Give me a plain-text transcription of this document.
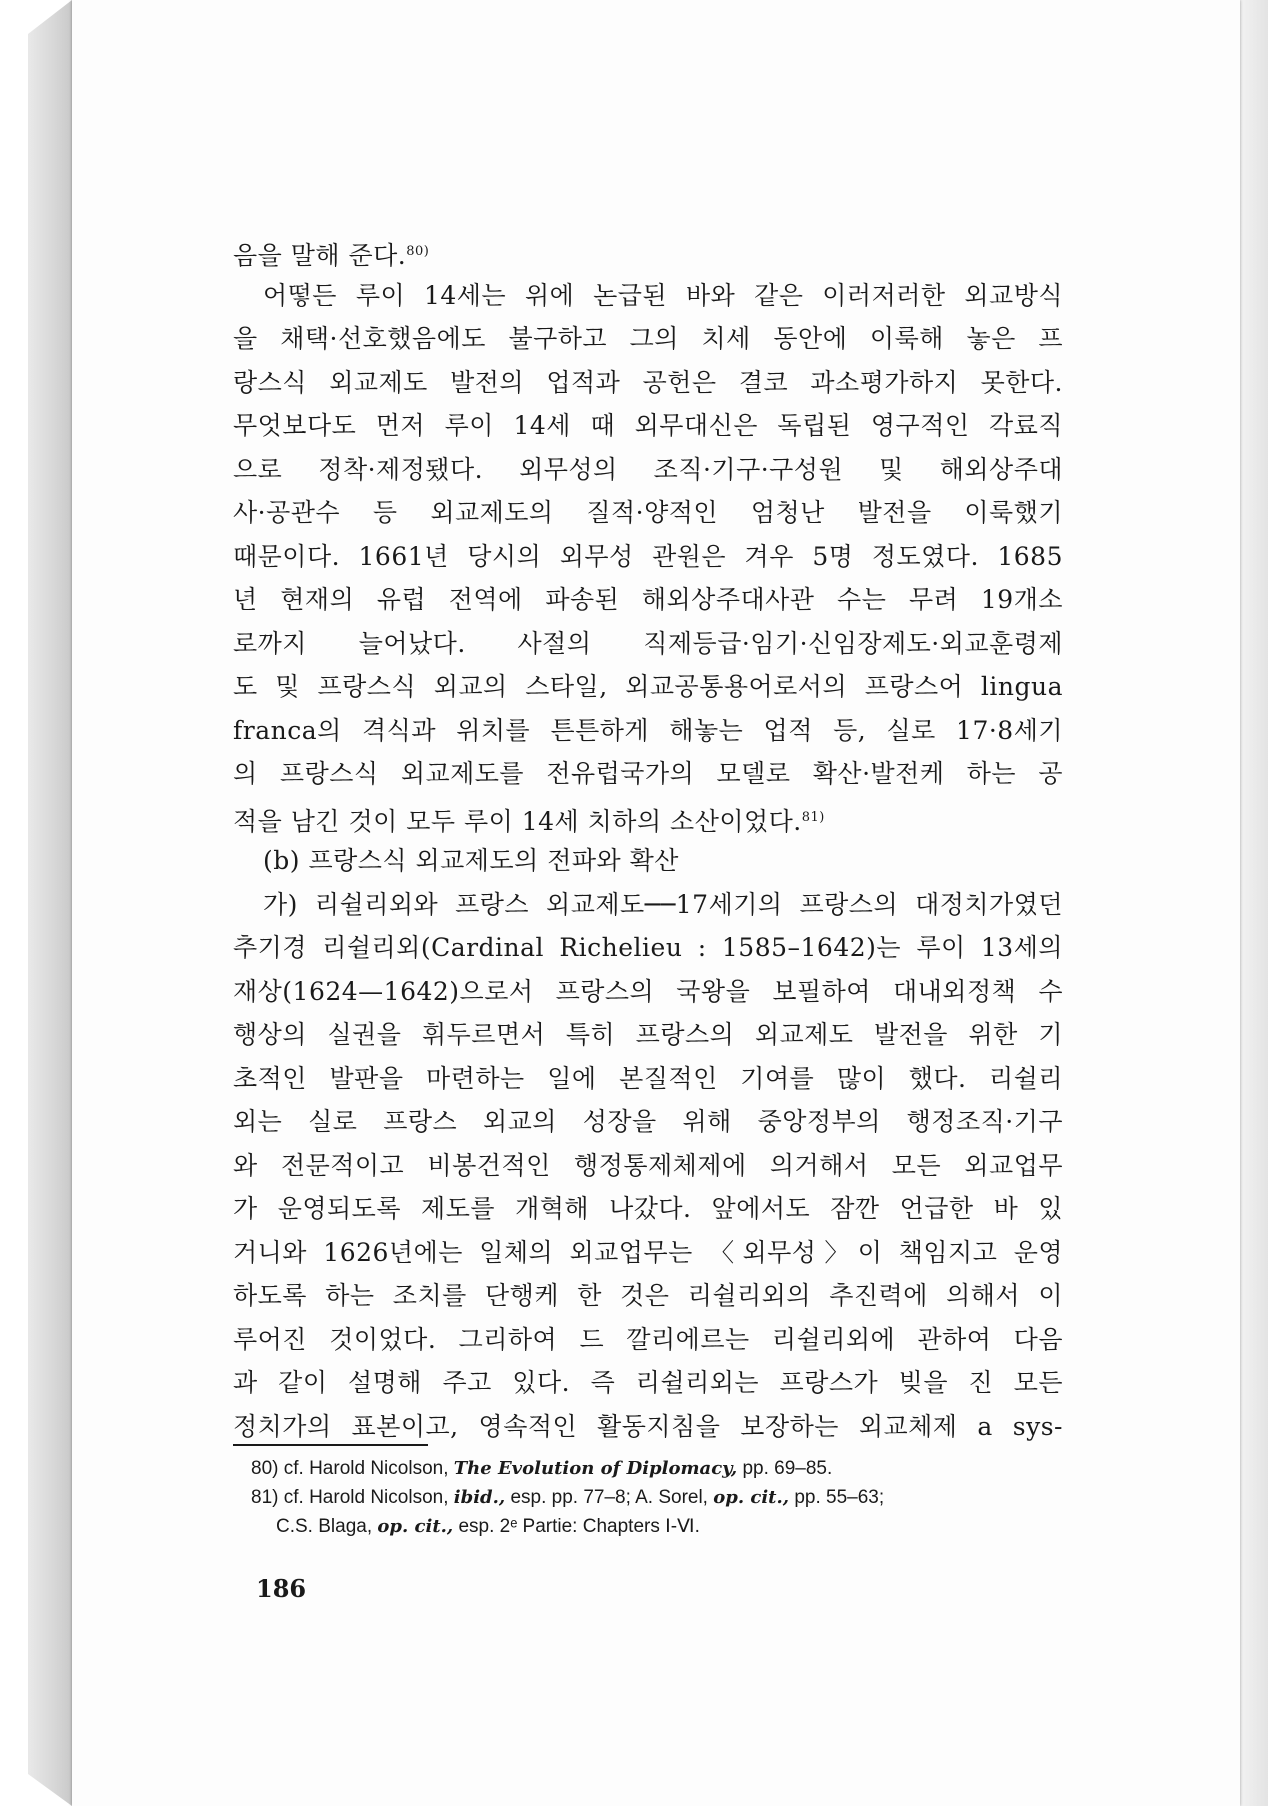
음을 말해 준다.$^{80)}$
어떻든 루이 14세는 위에 논급된 바와 같은 이러저러한 외교방식
을 채택·선호했음에도 불구하고 그의 치세 동안에 이룩해 놓은 프
랑스식 외교제도 발전의 업적과 공헌은 결코 과소평가하지 못한다.
무엇보다도 먼저 루이 14세 때 외무대신은 독립된 영구적인 각료직
으로 정착·제정됐다. 외무성의 조직·기구·구성원 및 해외상주대
사·공관수 등 외교제도의 질적·양적인 엄청난 발전을 이룩했기
때문이다. 1661년 당시의 외무성 관원은 겨우 5명 정도였다. 1685
년 현재의 유럽 전역에 파송된 해외상주대사관 수는 무려 19개소
로까지 늘어났다. 사절의 직제등급·임기·신임장제도·외교훈령제
도 및 프랑스식 외교의 스타일, 외교공통용어로서의 프랑스어 lingua
franca의 격식과 위치를 튼튼하게 해놓는 업적 등, 실로 17·8세기
의 프랑스식 외교제도를 전유럽국가의 모델로 확산·발전케 하는 공
적을 남긴 것이 모두 루이 14세 치하의 소산이었다.$^{81)}$
(b) 프랑스식 외교제도의 전파와 확산
가) 리쉴리외와 프랑스 외교제도──17세기의 프랑스의 대정치가였던
추기경 리쉴리외(Cardinal Richelieu : 1585–1642)는 루이 13세의
재상(1624—1642)으로서 프랑스의 국왕을 보필하여 대내외정책 수
행상의 실권을 휘두르면서 특히 프랑스의 외교제도 발전을 위한 기
초적인 발판을 마련하는 일에 본질적인 기여를 많이 했다. 리쉴리
외는 실로 프랑스 외교의 성장을 위해 중앙정부의 행정조직·기구
와 전문적이고 비봉건적인 행정통제체제에 의거해서 모든 외교업무
가 운영되도록 제도를 개혁해 나갔다. 앞에서도 잠깐 언급한 바 있
거니와 1626년에는 일체의 외교업무는 〈외무성〉이 책임지고 운영
하도록 하는 조치를 단행케 한 것은 리쉴리외의 추진력에 의해서 이
루어진 것이었다. 그리하여 드 깔리에르는 리쉴리외에 관하여 다음
과 같이 설명해 주고 있다. 즉 리쉴리외는 프랑스가 빚을 진 모든
정치가의 표본이고, 영속적인 활동지침을 보장하는 외교체제 a sys-
80) cf. Harold Nicolson, The Evolution of Diplomacy, pp. 69–85.
81) cf. Harold Nicolson, ibid., esp. pp. 77–8; A. Sorel, op. cit., pp. 55–63;
C.S. Blaga, op. cit., esp. 2ᵉ Partie: Chapters Ⅰ-Ⅵ.
186
